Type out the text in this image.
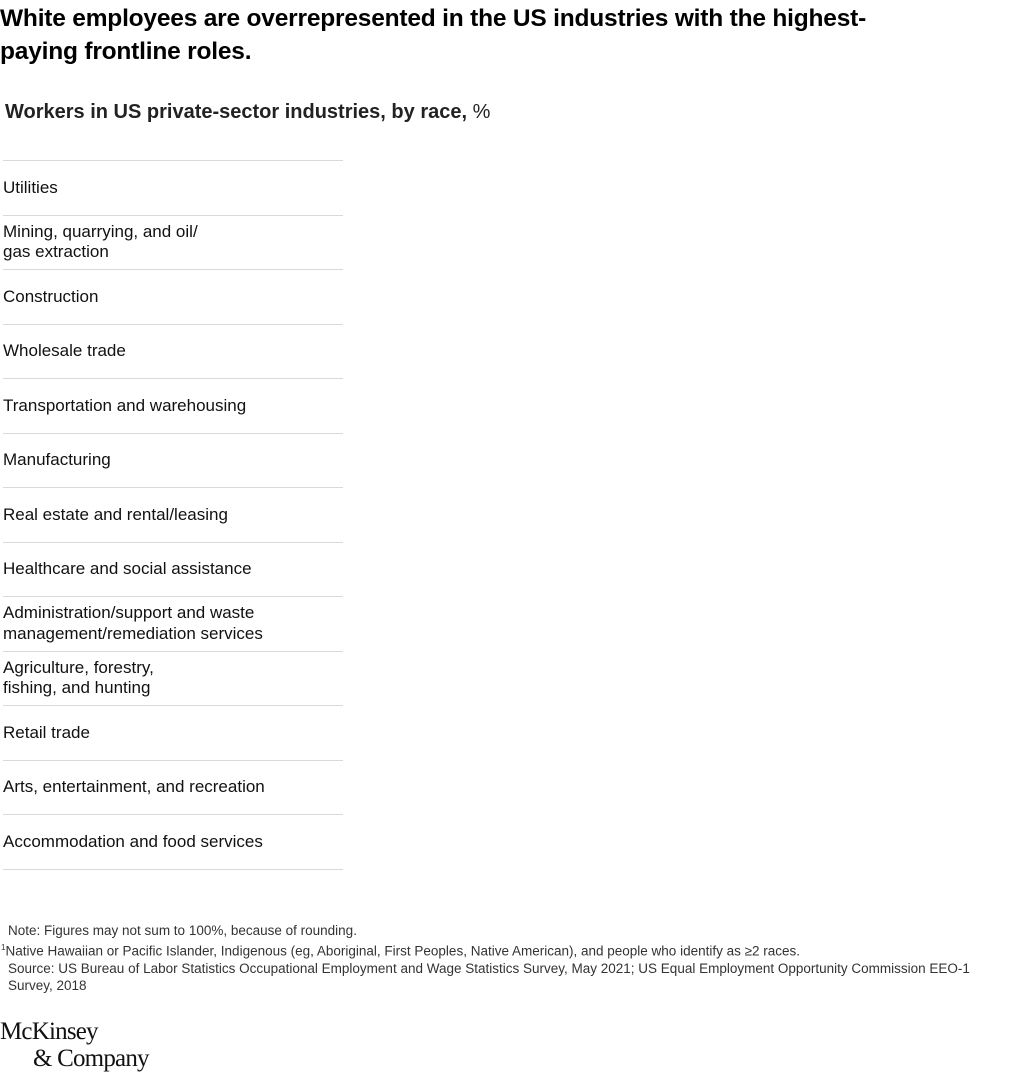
White employees are overrepresented in the US industries with the highest-paying frontline roles.
Workers in US private-sector industries, by race, %
Utilities
Mining, quarrying, and oil/
gas extraction
Construction
Wholesale trade
Transportation and warehousing
Manufacturing
Real estate and rental/leasing
Healthcare and social assistance
Administration/support and waste
management/remediation services
Agriculture, forestry,
fishing, and hunting
Retail trade
Arts, entertainment, and recreation
Accommodation and food services
Note: Figures may not sum to 100%, because of rounding.
$^1$Native Hawaiian or Pacific Islander, Indigenous (eg, Aboriginal, First Peoples, Native American), and people who identify as ≥2 races.
Source: US Bureau of Labor Statistics Occupational Employment and Wage Statistics Survey, May 2021; US Equal Employment Opportunity Commission EEO-1
Survey, 2018
McKinsey
& Company
